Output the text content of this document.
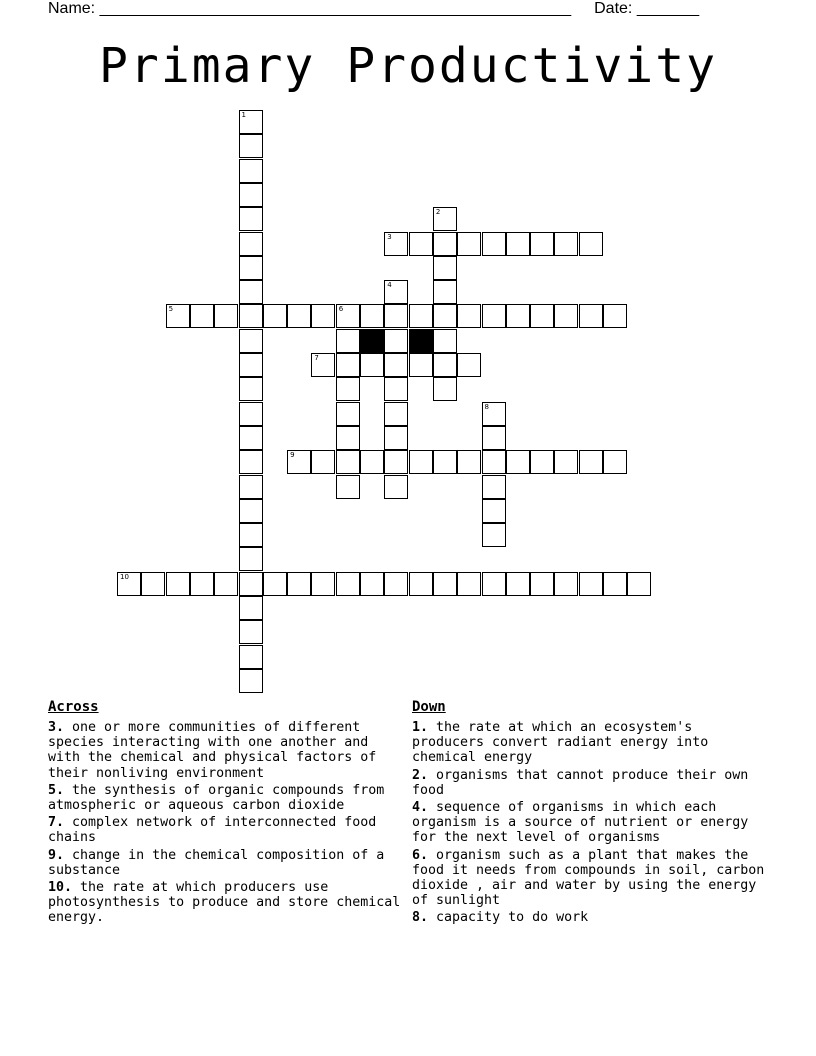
Name: _____________________________________________________ Date: _______
Primary Productivity
1
2
3
4
5	6
7
8
9
10
Across
3. one or more communities of different species interacting with one another and with the chemical and physical factors of their nonliving environment
5. the synthesis of organic compounds from atmospheric or aqueous carbon dioxide
7. complex network of interconnected food chains
9. change in the chemical composition of a substance
10. the rate at which producers use photosynthesis to produce and store chemical energy.
Down
1. the rate at which an ecosystem's producers convert radiant energy into chemical energy
2. organisms that cannot produce their own food
4. sequence of organisms in which each organism is a source of nutrient or energy for the next level of organisms
6. organism such as a plant that makes the food it needs from compounds in soil, carbon dioxide , air and water by using the energy of sunlight
8. capacity to do work
